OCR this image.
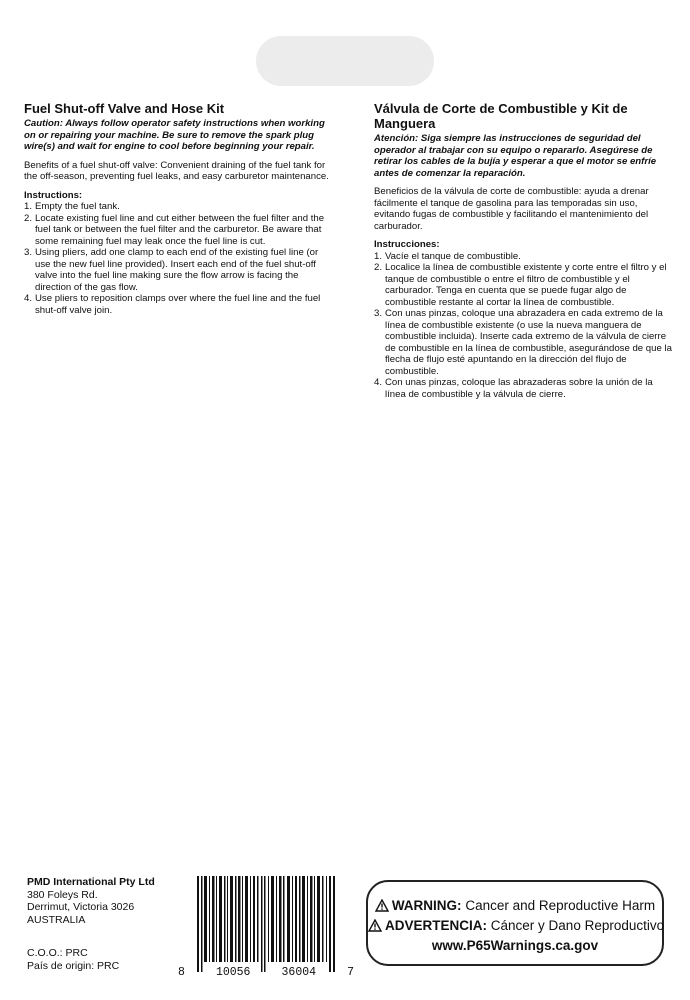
Fuel Shut-off Valve and Hose Kit

Caution: Always follow operator safety instructions when working on or repairing your machine. Be sure to remove the spark plug wire(s) and wait for engine to cool before beginning your repair.

Benefits of a fuel shut-off valve: Convenient draining of the fuel tank for the off-season, preventing fuel leaks, and easy carburetor maintenance.

Instructions:

1. Empty the fuel tank.
2. Locate existing fuel line and cut either between the fuel filter and the fuel tank or between the fuel filter and the carburetor. Be aware that some remaining fuel may leak once the fuel line is cut.
3. Using pliers, add one clamp to each end of the existing fuel line (or use the new fuel line provided). Insert each end of the fuel shut-off valve into the fuel line making sure the flow arrow is facing the direction of the gas flow.
4. Use pliers to reposition clamps over where the fuel line and the fuel shut-off valve join.
Válvula de Corte de Combustible y Kit de Manguera

Atención: Siga siempre las instrucciones de seguridad del operador al trabajar con su equipo o repararlo. Asegúrese de retirar los cables de la bujía y esperar a que el motor se enfríe antes de comenzar la reparación.

Beneficios de la válvula de corte de combustible: ayuda a drenar fácilmente el tanque de gasolina para las temporadas sin uso, evitando fugas de combustible y facilitando el mantenimiento del carburador.

Instrucciones:

1. Vacíe el tanque de combustible.
2. Localice la línea de combustible existente y corte entre el filtro y el tanque de combustible o entre el filtro de combustible y el carburador. Tenga en cuenta que se puede fugar algo de combustible restante al cortar la línea de combustible.
3. Con unas pinzas, coloque una abrazadera en cada extremo de la línea de combustible existente (o use la nueva manguera de combustible incluida). Inserte cada extremo de la válvula de cierre de combustible en la línea de combustible, asegurándose de que la flecha de flujo esté apuntando en la dirección del flujo de combustible.
4. Con unas pinzas, coloque las abrazaderas sobre la unión de la línea de combustible y la válvula de cierre.
PMD International Pty Ltd
380 Foleys Rd.
Derrimut, Victoria 3026
AUSTRALIA
C.O.O.: PRC
País de origin: PRC	8	10056	36004	7
WARNING: Cancer and Reproductive Harm
ADVERTENCIA: Cáncer y Dano Reproductivo
www.P65Warnings.ca.gov
